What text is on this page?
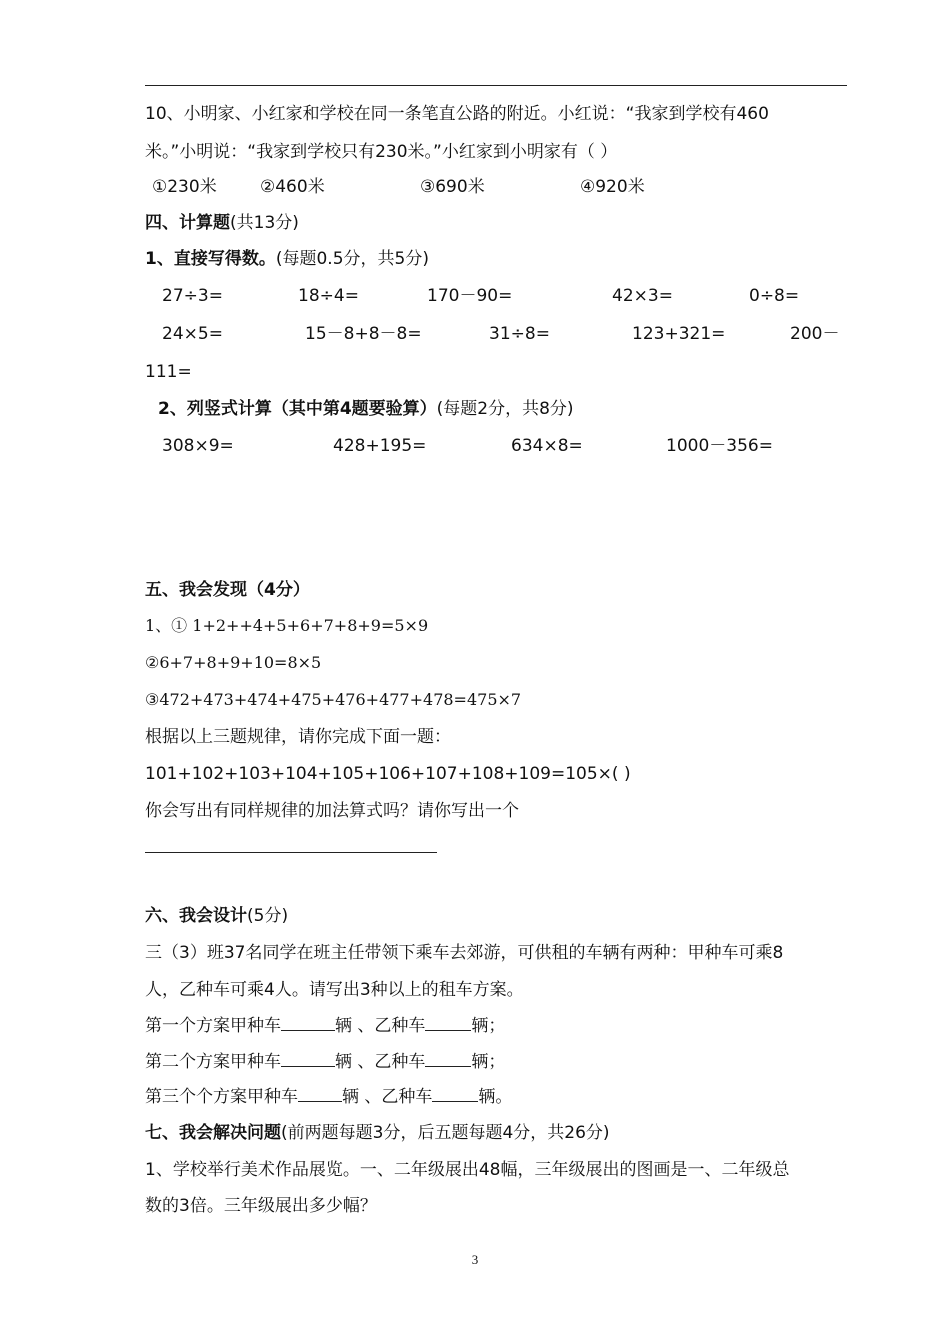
10、小明家、小红家和学校在同一条笔直公路的附近。小红说：“我家到学校有460
米。”小明说：“我家到学校只有230米。”小红家到小明家有（ ）
①230米	②460米	③690米	④920米
四、计算题(共13分)
1、直接写得数。(每题0.5分，共5分)
27÷3=	18÷4=	170－90=	42×3=	0÷8=
24×5=	15－8+8－8=	31÷8=	123+321=	200－
111=
2、列竖式计算（其中第4题要验算）(每题2分，共8分)
308×9=	428+195=	634×8=	1000－356=
五、我会发现（4分）
1、① 1+2++4+5+6+7+8+9=5×9
②6+7+8+9+10=8×5
③472+473+474+475+476+477+478=475×7
根据以上三题规律，请你完成下面一题：
101+102+103+104+105+106+107+108+109=105×( )
你会写出有同样规律的加法算式吗？请你写出一个
六、我会设计(5分)
三（3）班37名同学在班主任带领下乘车去郊游，可供租的车辆有两种：甲种车可乘8
人，乙种车可乘4人。请写出3种以上的租车方案。
第一个方案甲种车	辆 、乙种车	辆；
第二个方案甲种车	辆 、乙种车	辆；
第三个个方案甲种车	辆 、乙种车	辆。
七、我会解决问题(前两题每题3分，后五题每题4分，共26分)
1、学校举行美术作品展览。一、二年级展出48幅，三年级展出的图画是一、二年级总
数的3倍。三年级展出多少幅？
3
